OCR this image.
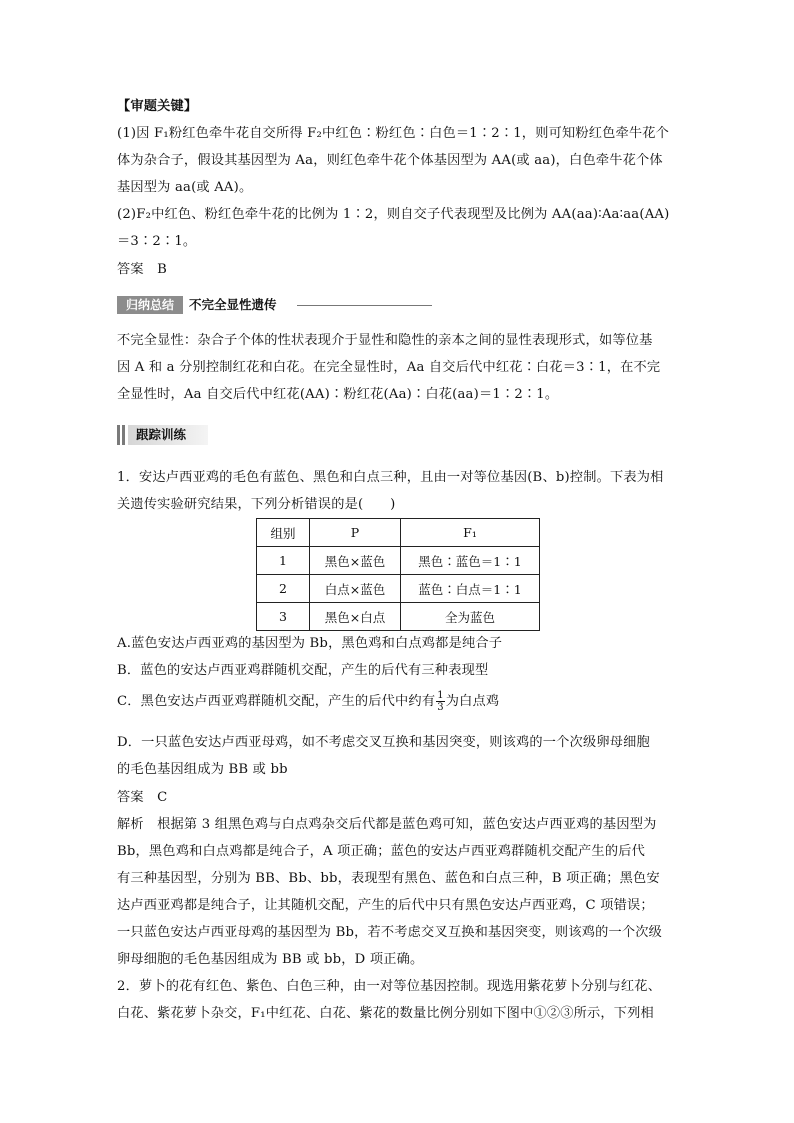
【审题关键】
(1)因 F₁粉红色牵牛花自交所得 F₂中红色∶粉红色∶白色＝1∶2∶1，则可知粉红色牵牛花个
体为杂合子，假设其基因型为 Aa，则红色牵牛花个体基因型为 AA(或 aa)，白色牵牛花个体
基因型为 aa(或 AA)。
(2)F₂中红色、粉红色牵牛花的比例为 1∶2，则自交子代表现型及比例为 AA(aa)∶Aa∶aa(AA)
＝3∶2∶1。
答案　B
归纳总结	不完全显性遗传
不完全显性：杂合子个体的性状表现介于显性和隐性的亲本之间的显性表现形式，如等位基
因 A 和 a 分别控制红花和白花。在完全显性时，Aa 自交后代中红花∶白花＝3∶1，在不完
全显性时，Aa 自交后代中红花(AA)∶粉红花(Aa)∶白花(aa)＝1∶2∶1。
跟踪训练
1．安达卢西亚鸡的毛色有蓝色、黑色和白点三种，且由一对等位基因(B、b)控制。下表为相
关遗传实验研究结果，下列分析错误的是(　　)
组别	P	F₁
1	黑色×蓝色	黑色∶蓝色＝1∶1
2	白点×蓝色	蓝色∶白点＝1∶1
3	黑色×白点	全为蓝色
A.蓝色安达卢西亚鸡的基因型为 Bb，黑色鸡和白点鸡都是纯合子
B．蓝色的安达卢西亚鸡群随机交配，产生的后代有三种表现型
C．黑色安达卢西亚鸡群随机交配，产生的后代中约有 $\frac{1}{3}$ 为白点鸡
D．一只蓝色安达卢西亚母鸡，如不考虑交叉互换和基因突变，则该鸡的一个次级卵母细胞
的毛色基因组成为 BB 或 bb
答案　C
解析　根据第 3 组黑色鸡与白点鸡杂交后代都是蓝色鸡可知，蓝色安达卢西亚鸡的基因型为
Bb，黑色鸡和白点鸡都是纯合子，A 项正确；蓝色的安达卢西亚鸡群随机交配产生的后代
有三种基因型，分别为 BB、Bb、bb，表现型有黑色、蓝色和白点三种，B 项正确；黑色安
达卢西亚鸡都是纯合子，让其随机交配，产生的后代中只有黑色安达卢西亚鸡，C 项错误；
一只蓝色安达卢西亚母鸡的基因型为 Bb，若不考虑交叉互换和基因突变，则该鸡的一个次级
卵母细胞的毛色基因组成为 BB 或 bb，D 项正确。
2．萝卜的花有红色、紫色、白色三种，由一对等位基因控制。现选用紫花萝卜分别与红花、
白花、紫花萝卜杂交，F₁中红花、白花、紫花的数量比例分别如下图中①②③所示，下列相
